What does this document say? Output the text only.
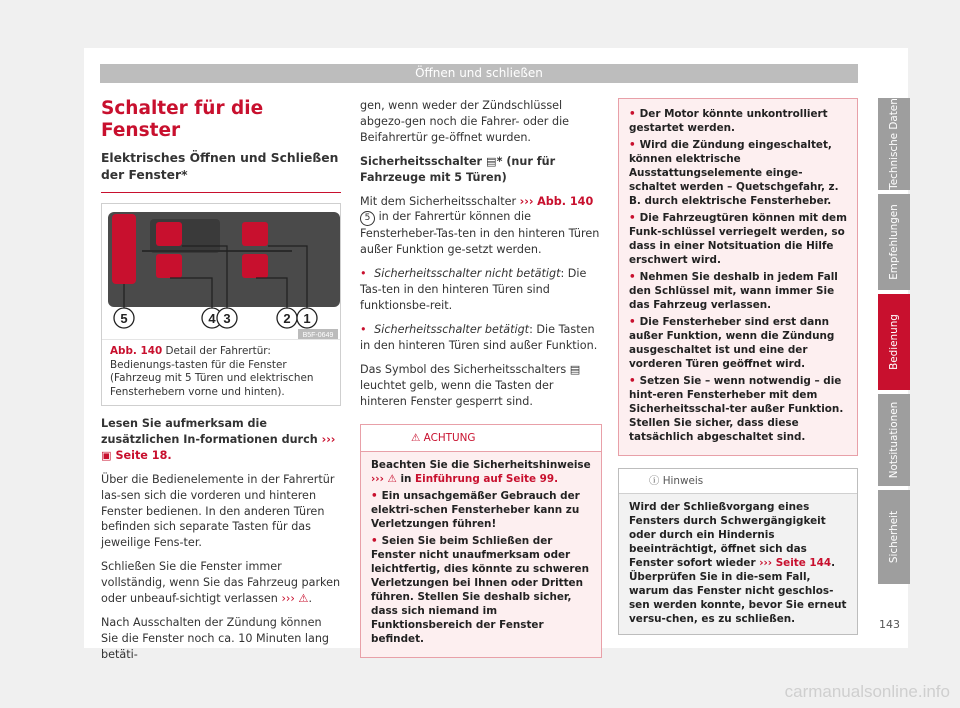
Öffnen und schließen
Schalter für die Fenster
Elektrisches Öffnen und Schließen der Fenster*
5	4 3	2 1
B5F-0649
Abb. 140 Detail der Fahrertür: Bedienungs-tasten für die Fenster (Fahrzeug mit 5 Türen und elektrischen Fensterhebern vorne und hinten).

Lesen Sie aufmerksam die zusätzlichen In-formationen durch ››› ▣ Seite 18.

Über die Bedienelemente in der Fahrertür las-sen sich die vorderen und hinteren Fenster bedienen. In den anderen Türen befinden sich separate Tasten für das jeweilige Fens-ter.

Schließen Sie die Fenster immer vollständig, wenn Sie das Fahrzeug parken oder unbeauf-sichtigt verlassen ››› ⚠.

Nach Ausschalten der Zündung können Sie die Fenster noch ca. 10 Minuten lang betäti-

gen, wenn weder der Zündschlüssel abgezo-gen noch die Fahrer- oder die Beifahrertür ge-öffnet wurden.

Sicherheitsschalter ▤* (nur für Fahrzeuge mit 5 Türen)

Mit dem Sicherheitsschalter ››› Abb. 140 5 in der Fahrertür können die Fensterheber-Tas-ten in den hinteren Türen außer Funktion ge-setzt werden.

• Sicherheitsschalter nicht betätigt: Die Tas-ten in den hinteren Türen sind funktionsbe-reit.

• Sicherheitsschalter betätigt: Die Tasten in den hinteren Türen sind außer Funktion.

Das Symbol des Sicherheitsschalters ▤ leuchtet gelb, wenn die Tasten der hinteren Fenster gesperrt sind.

⚠ ACHTUNG

Beachten Sie die Sicherheitshinweise ››› ⚠ in Einführung auf Seite 99.

• Ein unsachgemäßer Gebrauch der elektri-schen Fensterheber kann zu Verletzungen führen!

• Seien Sie beim Schließen der Fenster nicht unaufmerksam oder leichtfertig, dies könnte zu schweren Verletzungen bei Ihnen oder Dritten führen. Stellen Sie deshalb sicher, dass sich niemand im Funktionsbereich der Fenster befindet.

• Der Motor könnte unkontrolliert gestartet werden.

• Wird die Zündung eingeschaltet, können elektrische Ausstattungselemente einge-schaltet werden – Quetschgefahr, z. B. durch elektrische Fensterheber.

• Die Fahrzeugtüren können mit dem Funk-schlüssel verriegelt werden, so dass in einer Notsituation die Hilfe erschwert wird.

• Nehmen Sie deshalb in jedem Fall den Schlüssel mit, wann immer Sie das Fahrzeug verlassen.

• Die Fensterheber sind erst dann außer Funktion, wenn die Zündung ausgeschaltet ist und eine der vorderen Türen geöffnet wird.

• Setzen Sie – wenn notwendig – die hint-eren Fensterheber mit dem Sicherheitsschal-ter außer Funktion. Stellen Sie sicher, dass diese tatsächlich abgeschaltet sind.

ⓘ Hinweis
Wird der Schließvorgang eines Fensters durch Schwergängigkeit oder durch ein Hindernis beeinträchtigt, öffnet sich das Fenster sofort wieder ››› Seite 144. Überprüfen Sie in die-sem Fall, warum das Fenster nicht geschlos-sen werden konnte, bevor Sie erneut versu-chen, es zu schließen.
Technische Daten
Empfehlungen
Bedienung
Notsituationen
Sicherheit
143
carmanualsonline.info
